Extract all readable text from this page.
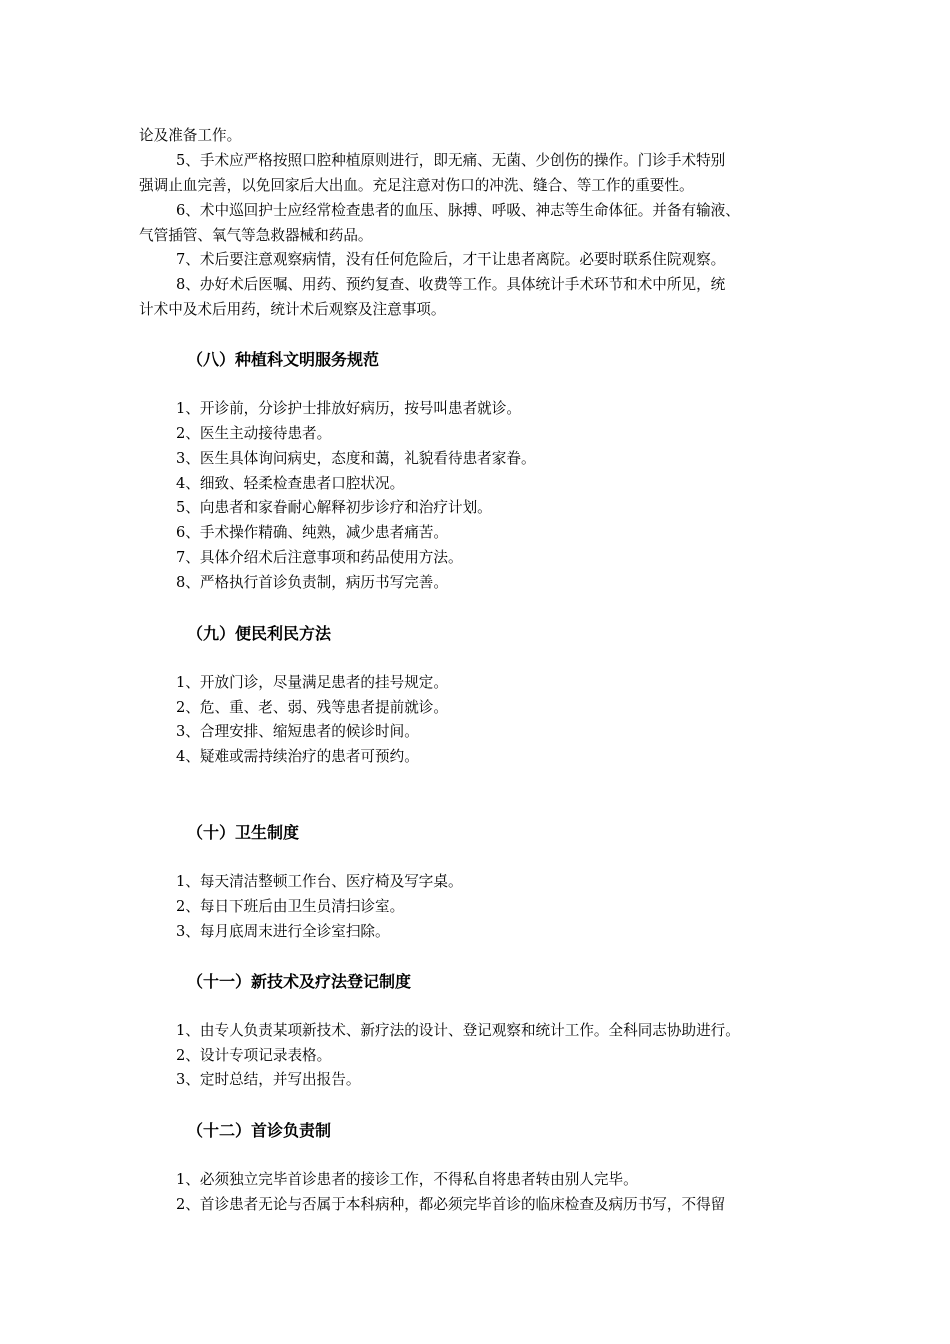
论及准备工作。

5、手术应严格按照口腔种植原则进行，即无痛、无菌、少创伤的操作。门诊手术特别

强调止血完善，以免回家后大出血。充足注意对伤口的冲洗、缝合、等工作的重要性。

6、术中巡回护士应经常检查患者的血压、脉搏、呼吸、神志等生命体征。并备有输液、

气管插管、氧气等急救器械和药品。

7、术后要注意观察病情，没有任何危险后，才干让患者离院。必要时联系住院观察。

8、办好术后医嘱、用药、预约复查、收费等工作。具体统计手术环节和术中所见，统

计术中及术后用药，统计术后观察及注意事项。

（八）种植科文明服务规范

1、开诊前，分诊护士排放好病历，按号叫患者就诊。

2、医生主动接待患者。

3、医生具体询问病史，态度和蔼，礼貌看待患者家眷。

4、细致、轻柔检查患者口腔状况。

5、向患者和家眷耐心解释初步诊疗和治疗计划。

6、手术操作精确、纯熟，减少患者痛苦。

7、具体介绍术后注意事项和药品使用方法。

8、严格执行首诊负责制，病历书写完善。

（九）便民利民方法

1、开放门诊，尽量满足患者的挂号规定。

2、危、重、老、弱、残等患者提前就诊。

3、合理安排、缩短患者的候诊时间。

4、疑难或需持续治疗的患者可预约。

（十）卫生制度

1、每天清洁整顿工作台、医疗椅及写字桌。

2、每日下班后由卫生员清扫诊室。

3、每月底周末进行全诊室扫除。

（十一）新技术及疗法登记制度

1、由专人负责某项新技术、新疗法的设计、登记观察和统计工作。全科同志协助进行。

2、设计专项记录表格。

3、定时总结，并写出报告。

（十二）首诊负责制

1、必须独立完毕首诊患者的接诊工作，不得私自将患者转由别人完毕。

2、首诊患者无论与否属于本科病种，都必须完毕首诊的临床检查及病历书写，不得留
